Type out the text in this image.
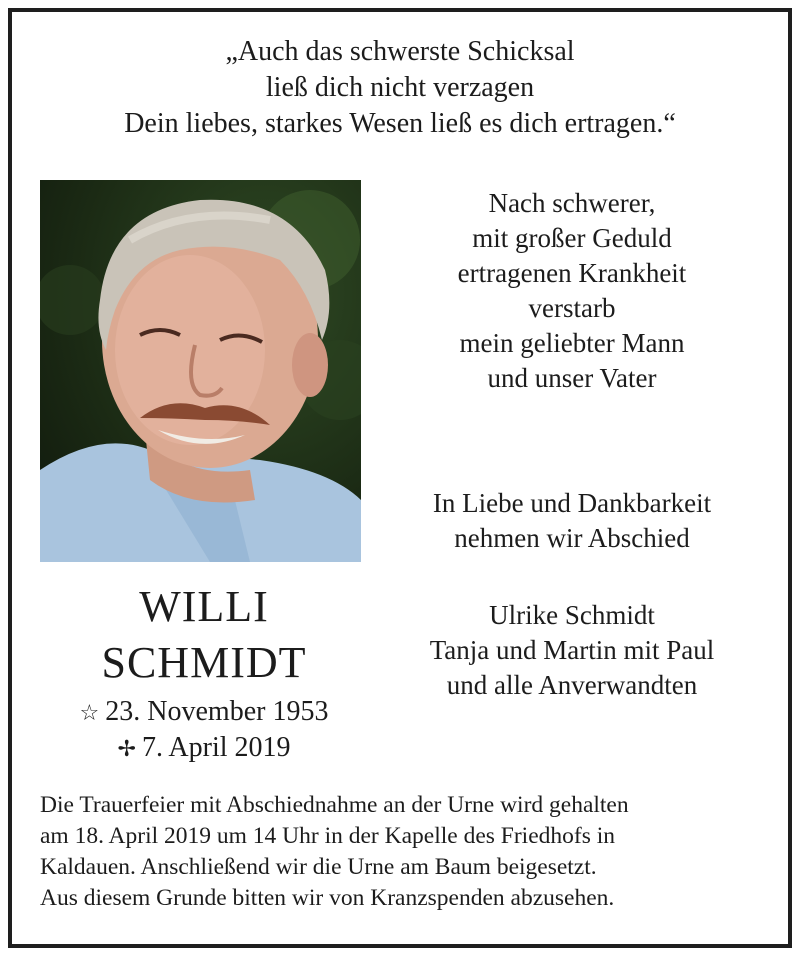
„Auch das schwerste Schicksal
ließ dich nicht verzagen
Dein liebes, starkes Wesen ließ es dich ertragen.“
Nach schwerer,
mit großer Geduld
ertragenen Krankheit
verstarb
mein geliebter Mann
und unser Vater
In Liebe und Dankbarkeit
nehmen wir Abschied
Ulrike Schmidt
Tanja und Martin mit Paul
und alle Anverwandten
WILLI
SCHMIDT
☆ 23. November 1953
✢ 7. April 2019
Die Trauerfeier mit Abschiednahme an der Urne wird gehalten
am 18. April 2019 um 14 Uhr in der Kapelle des Friedhofs in
Kaldauen. Anschließend wir die Urne am Baum beigesetzt.
Aus diesem Grunde bitten wir von Kranzspenden abzusehen.
